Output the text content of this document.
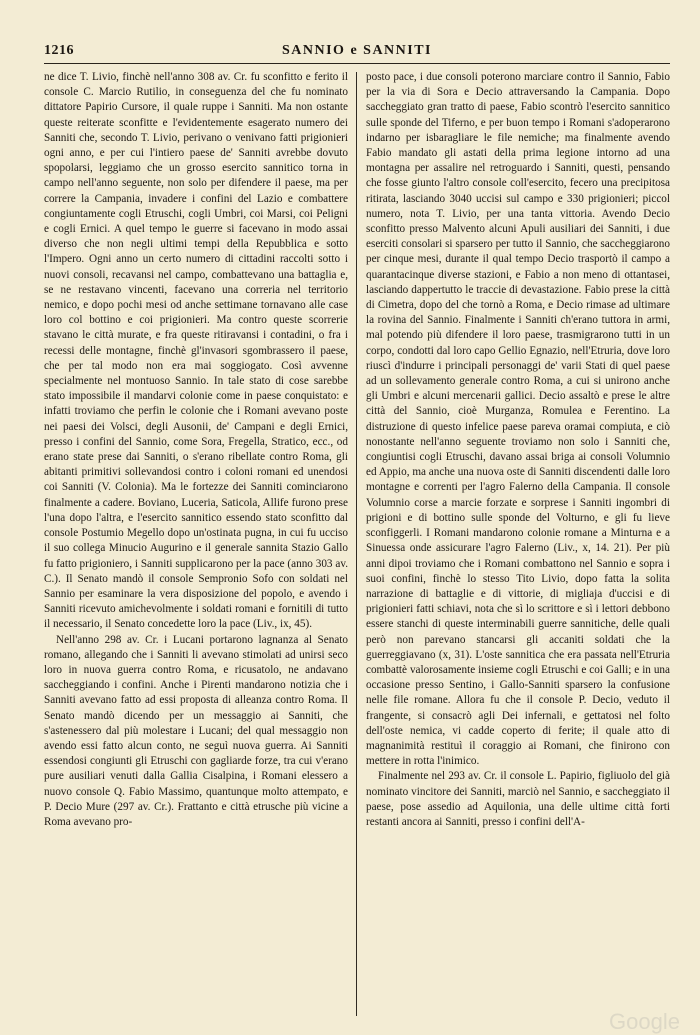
1216	SANNIO e SANNITI

ne dice T. Livio, finchè nell'anno 308 av. Cr. fu sconfitto e ferito il console C. Marcio Rutilio, in conseguenza del che fu nominato dittatore Papirio Cursore, il quale ruppe i Sanniti. Ma non ostante queste reiterate sconfitte e l'evidentemente esagerato numero dei Sanniti che, secondo T. Livio, perivano o venivano fatti prigionieri ogni anno, e per cui l'intiero paese de' Sanniti avrebbe dovuto spopolarsi, leggiamo che un grosso esercito sannitico torna in campo nell'anno seguente, non solo per difendere il paese, ma per correre la Campania, invadere i confini del Lazio e combattere congiuntamente cogli Etruschi, cogli Umbri, coi Marsi, coi Peligni e cogli Ernici. A quel tempo le guerre si facevano in modo assai diverso che non negli ultimi tempi della Repubblica e sotto l'Impero. Ogni anno un certo numero di cittadini raccolti sotto i nuovi consoli, recavansi nel campo, combattevano una battaglia e, se ne restavano vincenti, facevano una correria nel territorio nemico, e dopo pochi mesi od anche settimane tornavano alle case loro col bottino e coi prigionieri. Ma contro queste scorrerie stavano le città murate, e fra queste ritiravansi i contadini, o fra i recessi delle montagne, finchè gl'invasori sgombrassero il paese, che per tal modo non era mai soggiogato. Così avvenne specialmente nel montuoso Sannio. In tale stato di cose sarebbe stato impossibile il mandarvi colonie come in paese conquistato: e infatti troviamo che perfin le colonie che i Romani avevano poste nei paesi dei Volsci, degli Ausonii, de' Campani e degli Ernici, presso i confini del Sannio, come Sora, Fregella, Stratico, ecc., od erano state prese dai Sanniti, o s'erano ribellate contro Roma, gli abitanti primitivi sollevandosi contro i coloni romani ed unendosi coi Sanniti (V. Colonia). Ma le fortezze dei Sanniti cominciarono finalmente a cadere. Boviano, Luceria, Saticola, Allife furono prese l'una dopo l'altra, e l'esercito sannitico essendo stato sconfitto dal console Postumio Megello dopo un'ostinata pugna, in cui fu ucciso il suo collega Minucio Augurino e il generale sannita Stazio Gallo fu fatto prigioniero, i Sanniti supplicarono per la pace (anno 303 av. C.). Il Senato mandò il console Sempronio Sofo con soldati nel Sannio per esaminare la vera disposizione del popolo, e avendo i Sanniti ricevuto amichevolmente i soldati romani e fornitili di tutto il necessario, il Senato concedette loro la pace (Liv., ix, 45).

Nell'anno 298 av. Cr. i Lucani portarono lagnanza al Senato romano, allegando che i Sanniti li avevano stimolati ad unirsi seco loro in nuova guerra contro Roma, e ricusatolo, ne andavano saccheggiando i confini. Anche i Pirenti mandarono notizia che i Sanniti avevano fatto ad essi proposta di alleanza contro Roma. Il Senato mandò dicendo per un messaggio ai Sanniti, che s'astenessero dal più molestare i Lucani; del qual messaggio non avendo essi fatto alcun conto, ne seguì nuova guerra. Ai Sanniti essendosi congiunti gli Etruschi con gagliarde forze, tra cui v'erano pure ausiliari venuti dalla Gallia Cisalpina, i Romani elessero a nuovo console Q. Fabio Massimo, quantunque molto attempato, e P. Decio Mure (297 av. Cr.). Frattanto e città etrusche più vicine a Roma avevano pro-

posto pace, i due consoli poterono marciare contro il Sannio, Fabio per la via di Sora e Decio attraversando la Campania. Dopo saccheggiato gran tratto di paese, Fabio scontrò l'esercito sannitico sulle sponde del Tiferno, e per buon tempo i Romani s'adoperarono indarno per isbaragliare le file nemiche; ma finalmente avendo Fabio mandato gli astati della prima legione intorno ad una montagna per assalire nel retroguardo i Sanniti, questi, pensando che fosse giunto l'altro console coll'esercito, fecero una precipitosa ritirata, lasciando 3040 uccisi sul campo e 330 prigionieri; piccol numero, nota T. Livio, per una tanta vittoria. Avendo Decio sconfitto presso Malvento alcuni Apuli ausiliari dei Sanniti, i due eserciti consolari si sparsero per tutto il Sannio, che saccheggiarono per cinque mesi, durante il qual tempo Decio trasportò il campo a quarantacinque diverse stazioni, e Fabio a non meno di ottantasei, lasciando dappertutto le traccie di devastazione. Fabio prese la città di Cimetra, dopo del che tornò a Roma, e Decio rimase ad ultimare la rovina del Sannio. Finalmente i Sanniti ch'erano tuttora in armi, mal potendo più difendere il loro paese, trasmigrarono tutti in un corpo, condotti dal loro capo Gellio Egnazio, nell'Etruria, dove loro riuscì d'indurre i principali personaggi de' varii Stati di quel paese ad un sollevamento generale contro Roma, a cui si unirono anche gli Umbri e alcuni mercenarii gallici. Decio assaltò e prese le altre città del Sannio, cioè Murganza, Romulea e Ferentino. La distruzione di questo infelice paese pareva oramai compiuta, e ciò nonostante nell'anno seguente troviamo non solo i Sanniti che, congiuntisi cogli Etruschi, davano assai briga ai consoli Volumnio ed Appio, ma anche una nuova oste di Sanniti discendenti dalle loro montagne e correnti per l'agro Falerno della Campania. Il console Volumnio corse a marcie forzate e sorprese i Sanniti ingombri di prigioni e di bottino sulle sponde del Volturno, e gli fu lieve sconfiggerli. I Romani mandarono colonie romane a Minturna e a Sinuessa onde assicurare l'agro Falerno (Liv., x, 14. 21). Per più anni dipoi troviamo che i Romani combattono nel Sannio e sopra i suoi confini, finchè lo stesso Tito Livio, dopo fatta la solita narrazione di battaglie e di vittorie, di migliaja d'uccisi e di prigionieri fatti schiavi, nota che sì lo scrittore e sì i lettori debbono essere stanchi di queste interminabili guerre sannitiche, delle quali però non parevano stancarsi gli accaniti soldati che la guerreggiavano (x, 31). L'oste sannitica che era passata nell'Etruria combattè valorosamente insieme cogli Etruschi e coi Galli; e in una occasione presso Sentino, i Gallo-Sanniti sparsero la confusione nelle file romane. Allora fu che il console P. Decio, veduto il frangente, si consacrò agli Dei infernali, e gettatosi nel folto dell'oste nemica, vi cadde coperto di ferite; il quale atto di magnanimità restituì il coraggio ai Romani, che finirono con mettere in rotta l'inimico.

Finalmente nel 293 av. Cr. il console L. Papirio, figliuolo del già nominato vincitore dei Sanniti, marciò nel Sannio, e saccheggiato il paese, pose assedio ad Aquilonia, una delle ultime città forti restanti ancora ai Sanniti, presso i confini dell'A-

Google
